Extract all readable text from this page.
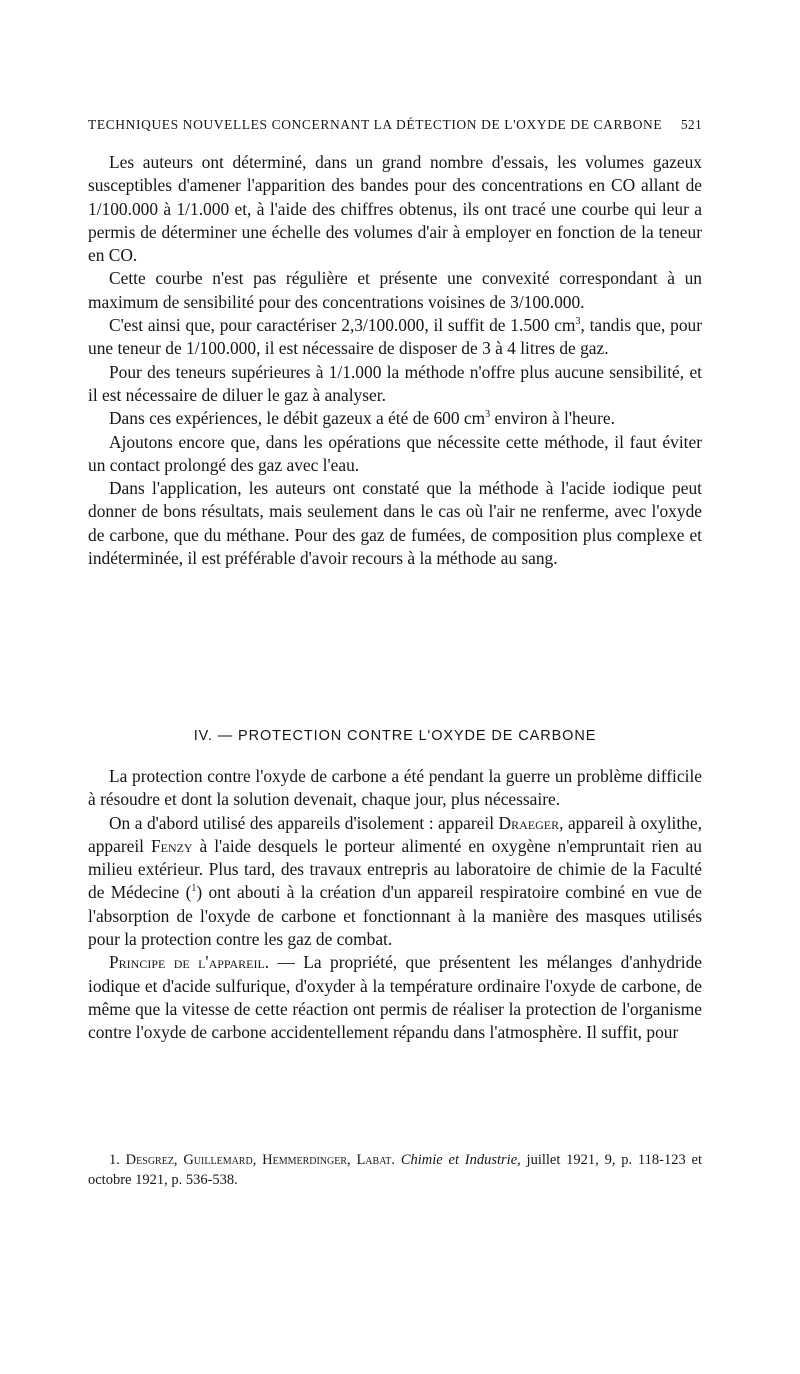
TECHNIQUES NOUVELLES CONCERNANT LA DÉTECTION DE L'OXYDE DE CARBONE 521

Les auteurs ont déterminé, dans un grand nombre d'essais, les volumes gazeux susceptibles d'amener l'apparition des bandes pour des concentrations en CO allant de 1/100.000 à 1/1.000 et, à l'aide des chiffres obtenus, ils ont tracé une courbe qui leur a permis de déterminer une échelle des volumes d'air à employer en fonction de la teneur en CO.

Cette courbe n'est pas régulière et présente une convexité correspondant à un maximum de sensibilité pour des concentrations voisines de 3/100.000.

C'est ainsi que, pour caractériser 2,3/100.000, il suffit de 1.500 $cm^3$, tandis que, pour une teneur de 1/100.000, il est nécessaire de disposer de 3 à 4 litres de gaz.

Pour des teneurs supérieures à 1/1.000 la méthode n'offre plus aucune sensibilité, et il est nécessaire de diluer le gaz à analyser.

Dans ces expériences, le débit gazeux a été de 600 $cm^3$ environ à l'heure.

Ajoutons encore que, dans les opérations que nécessite cette méthode, il faut éviter un contact prolongé des gaz avec l'eau.

Dans l'application, les auteurs ont constaté que la méthode à l'acide iodique peut donner de bons résultats, mais seulement dans le cas où l'air ne renferme, avec l'oxyde de carbone, que du méthane. Pour des gaz de fumées, de composition plus complexe et indéterminée, il est préférable d'avoir recours à la méthode au sang.

IV. — PROTECTION CONTRE L'OXYDE DE CARBONE

La protection contre l'oxyde de carbone a été pendant la guerre un problème difficile à résoudre et dont la solution devenait, chaque jour, plus nécessaire.

On a d'abord utilisé des appareils d'isolement : appareil Draeger, appareil à oxylithe, appareil Fenzy à l'aide desquels le porteur alimenté en oxygène n'empruntait rien au milieu extérieur. Plus tard, des travaux entrepris au laboratoire de chimie de la Faculté de Médecine ($^1$) ont abouti à la création d'un appareil respiratoire combiné en vue de l'absorption de l'oxyde de carbone et fonctionnant à la manière des masques utilisés pour la protection contre les gaz de combat.

Principe de l'appareil. — La propriété, que présentent les mélanges d'anhydride iodique et d'acide sulfurique, d'oxyder à la température ordinaire l'oxyde de carbone, de même que la vitesse de cette réaction ont permis de réaliser la protection de l'organisme contre l'oxyde de carbone accidentellement répandu dans l'atmosphère. Il suffit, pour

1. Desgrez, Guillemard, Hemmerdinger, Labat. Chimie et Industrie, juillet 1921, 9, p. 118-123 et octobre 1921, p. 536-538.
